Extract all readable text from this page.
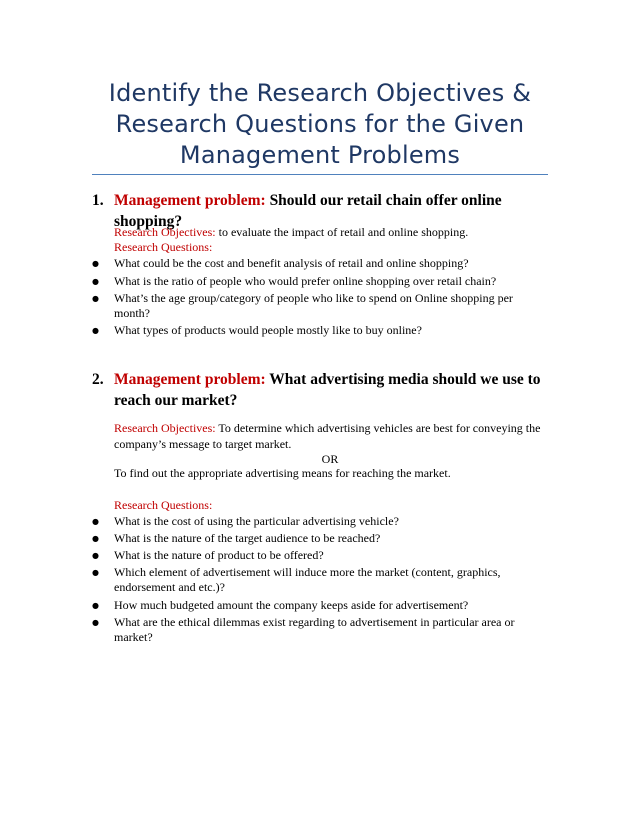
Identify the Research Objectives &
Research Questions for the Given
Management Problems
1. Management problem: Should our retail chain offer online shopping?
Research Objectives: to evaluate the impact of retail and online shopping.
Research Questions:
● What could be the cost and benefit analysis of retail and online shopping?
● What is the ratio of people who would prefer online shopping over retail chain?
● What’s the age group/category of people who like to spend on Online shopping per month?
● What types of products would people mostly like to buy online?
2. Management problem: What advertising media should we use to reach our market?
Research Objectives: To determine which advertising vehicles are best for conveying the
company’s message to target market.
OR
To find out the appropriate advertising means for reaching the market.
Research Questions:
● What is the cost of using the particular advertising vehicle?
● What is the nature of the target audience to be reached?
● What is the nature of product to be offered?
● Which element of advertisement will induce more the market (content, graphics, endorsement and etc.)?
● How much budgeted amount the company keeps aside for advertisement?
● What are the ethical dilemmas exist regarding to advertisement in particular area or market?
